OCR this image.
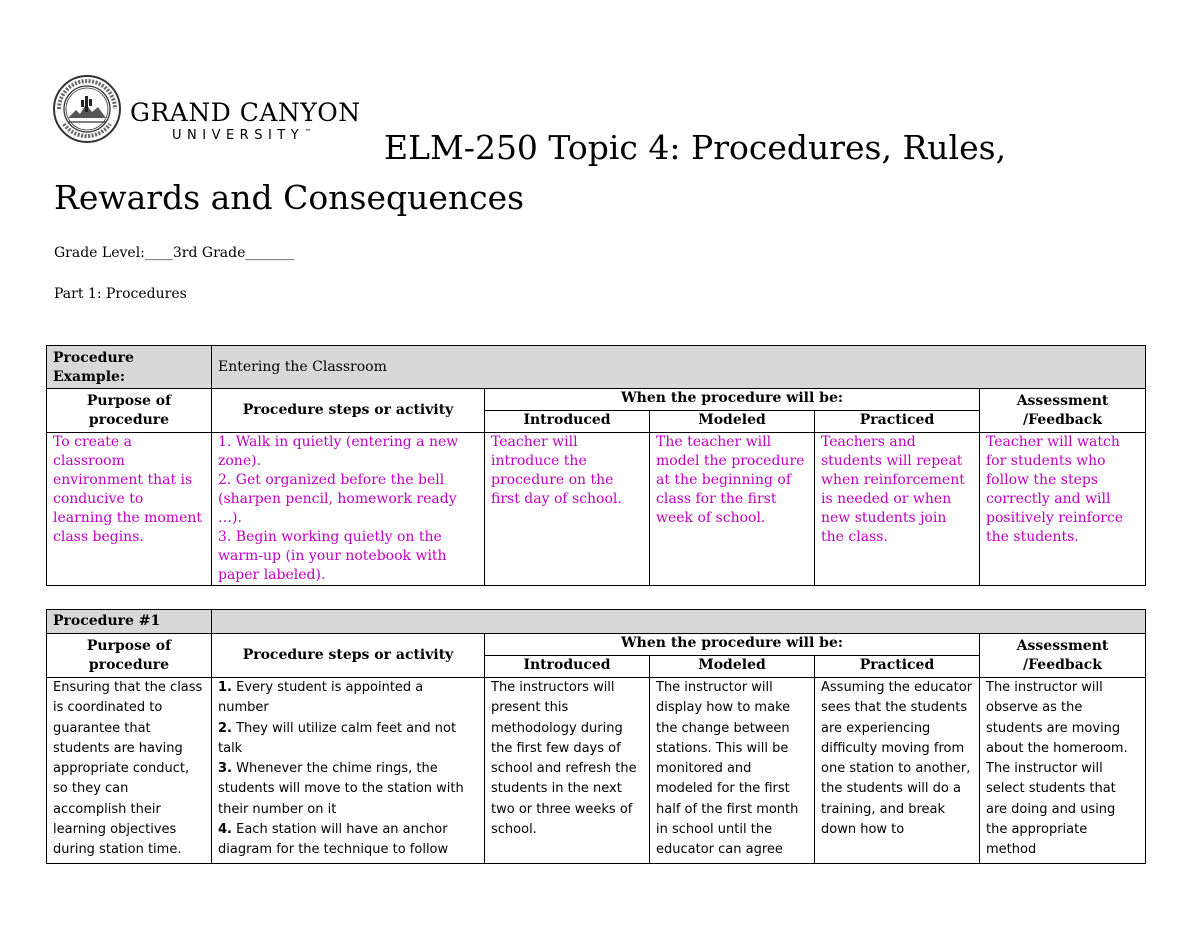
GRAND CANYON
UNIVERSITY™ ELM-250 Topic 4: Procedures, Rules,
Rewards and Consequences
Grade Level:____3rd Grade_______
Part 1: Procedures
Procedure Example:	Entering the Classroom				
Purpose of procedure	Procedure steps or activity	When the procedure will be:			Assessment /Feedback
		Introduced	Modeled	Practiced	
To create a classroom environment that is conducive to learning the moment class begins.	1. Walk in quietly (entering a new zone).
2. Get organized before the bell (sharpen pencil, homework ready …).
3. Begin working quietly on the warm-up (in your notebook with paper labeled).	Teacher will introduce the procedure on the first day of school.	The teacher will model the procedure at the beginning of class for the first week of school.	Teachers and students will repeat when reinforcement is needed or when new students join the class.	Teacher will watch for students who follow the steps correctly and will positively reinforce the students.
Procedure #1					
Purpose of procedure	Procedure steps or activity	When the procedure will be:			Assessment /Feedback
		Introduced	Modeled	Practiced	

Ensuring that the class is coordinated to guarantee that students are having appropriate conduct, so they can accomplish their learning objectives during station time.	1. Every student is appointed a number
2. They will utilize calm feet and not talk
3. Whenever the chime rings, the students will move to the station with their number on it
4. Each station will have an anchor diagram for the technique to follow	The instructors will present this methodology during the first few days of school and refresh the students in the next two or three weeks of school.	The instructor will display how to make the change between stations. This will be monitored and modeled for the first half of the first month in school until the educator can agree	Assuming the educator sees that the students are experiencing difficulty moving from one station to another, the students will do a training, and break down how to	The instructor will observe as the students are moving about the homeroom. The instructor will select students that are doing and using the appropriate method
